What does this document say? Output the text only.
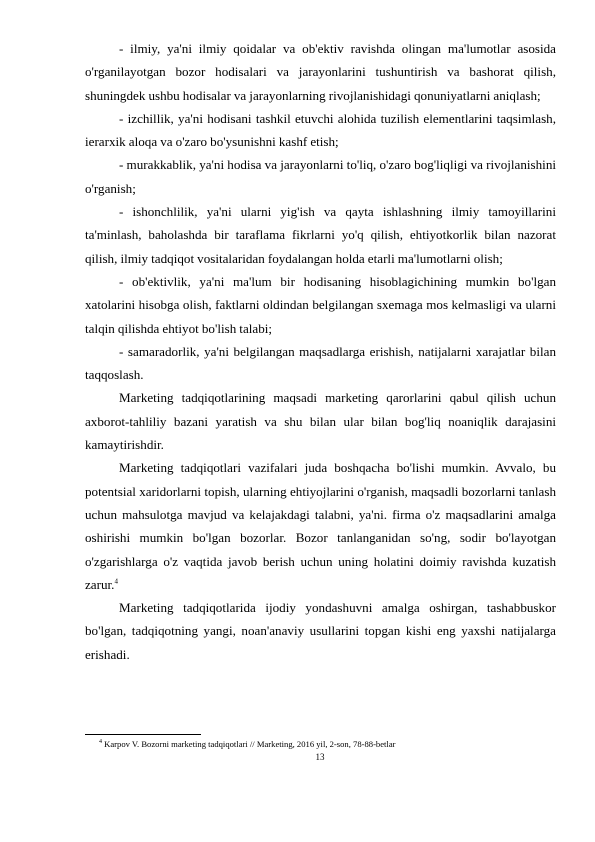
- ilmiy, ya'ni ilmiy qoidalar va ob'ektiv ravishda olingan ma'lumotlar asosida o'rganilayotgan bozor hodisalari va jarayonlarini tushuntirish va bashorat qilish, shuningdek ushbu hodisalar va jarayonlarning rivojlanishidagi qonuniyatlarni aniqlash;

- izchillik, ya'ni hodisani tashkil etuvchi alohida tuzilish elementlarini taqsimlash, ierarxik aloqa va o'zaro bo'ysunishni kashf etish;

- murakkablik, ya'ni hodisa va jarayonlarni to'liq, o'zaro bog'liqligi va rivojlanishini o'rganish;

- ishonchlilik, ya'ni ularni yig'ish va qayta ishlashning ilmiy tamoyillarini ta'minlash, baholashda bir taraflama fikrlarni yo'q qilish, ehtiyotkorlik bilan nazorat qilish, ilmiy tadqiqot vositalaridan foydalangan holda etarli ma'lumotlarni olish;

- ob'ektivlik, ya'ni ma'lum bir hodisaning hisoblagichining mumkin bo'lgan xatolarini hisobga olish, faktlarni oldindan belgilangan sxemaga mos kelmasligi va ularni talqin qilishda ehtiyot bo'lish talabi;

- samaradorlik, ya'ni belgilangan maqsadlarga erishish, natijalarni xarajatlar bilan taqqoslash.

Marketing tadqiqotlarining maqsadi marketing qarorlarini qabul qilish uchun axborot-tahliliy bazani yaratish va shu bilan ular bilan bog'liq noaniqlik darajasini kamaytirishdir.

Marketing tadqiqotlari vazifalari juda boshqacha bo'lishi mumkin. Avvalo, bu potentsial xaridorlarni topish, ularning ehtiyojlarini o'rganish, maqsadli bozorlarni tanlash uchun mahsulotga mavjud va kelajakdagi talabni, ya'ni. firma o'z maqsadlarini amalga oshirishi mumkin bo'lgan bozorlar. Bozor tanlanganidan so'ng, sodir bo'layotgan o'zgarishlarga o'z vaqtida javob berish uchun uning holatini doimiy ravishda kuzatish zarur.$^4$

Marketing tadqiqotlarida ijodiy yondashuvni amalga oshirgan, tashabbuskor bo'lgan, tadqiqotning yangi, noan'anaviy usullarini topgan kishi eng yaxshi natijalarga erishadi.

$^4$ Karpov V. Bozorni marketing tadqiqotlari // Marketing, 2016 yil, 2-son, 78-88-betlar

13
